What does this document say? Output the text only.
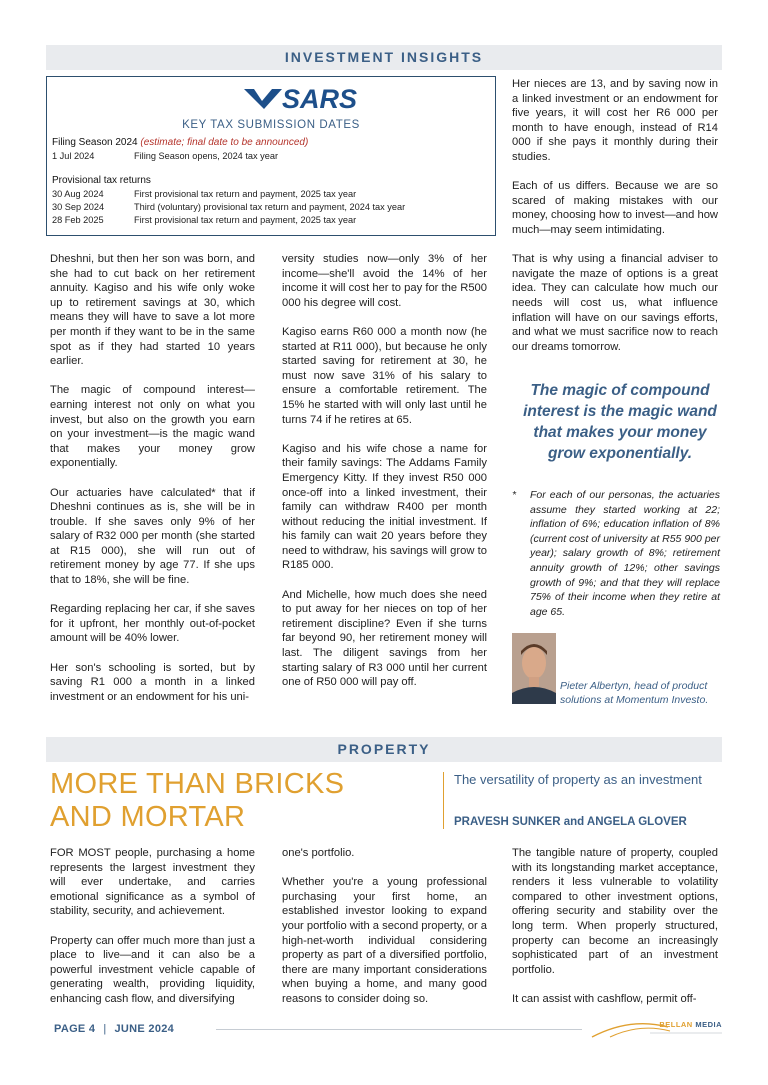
INVESTMENT INSIGHTS
SARS
KEY TAX SUBMISSION DATES
Filing Season 2024 (estimate; final date to be announced)
1 Jul 2024	Filing Season opens, 2024 tax year
Provisional tax returns
30 Aug 2024	First provisional tax return and payment, 2025 tax year
30 Sep 2024	Third (voluntary) provisional tax return and payment, 2024 tax year
28 Feb 2025	First provisional tax return and payment, 2025 tax year

Dheshni, but then her son was born, and she had to cut back on her retirement annuity. Kagiso and his wife only woke up to retirement savings at 30, which means they will have to save a lot more per month if they want to be in the same spot as if they had started 10 years earlier.

The magic of compound interest—earning interest not only on what you invest, but also on the growth you earn on your investment—is the magic wand that makes your money grow exponentially.

Our actuaries have calculated* that if Dheshni continues as is, she will be in trouble. If she saves only 9% of her salary of R32 000 per month (she started at R15 000), she will run out of retirement money by age 77. If she ups that to 18%, she will be fine.

Regarding replacing her car, if she saves for it upfront, her monthly out-of-pocket amount will be 40% lower.

Her son's schooling is sorted, but by saving R1 000 a month in a linked investment or an endowment for his uni-

versity studies now—only 3% of her income—she'll avoid the 14% of her income it will cost her to pay for the R500 000 his degree will cost.

Kagiso earns R60 000 a month now (he started at R11 000), but because he only started saving for retirement at 30, he must now save 31% of his salary to ensure a comfortable retirement. The 15% he started with will only last until he turns 74 if he retires at 65.

Kagiso and his wife chose a name for their family savings: The Addams Family Emergency Kitty. If they invest R50 000 once-off into a linked investment, their family can withdraw R400 per month without reducing the initial investment. If his family can wait 20 years before they need to withdraw, his savings will grow to R185 000.

And Michelle, how much does she need to put away for her nieces on top of her retirement discipline? Even if she turns far beyond 90, her retirement money will last. The diligent savings from her starting salary of R3 000 until her current one of R50 000 will pay off.

Her nieces are 13, and by saving now in a linked investment or an endowment for five years, it will cost her R6 000 per month to have enough, instead of R14 000 if she pays it monthly during their studies.

Each of us differs. Because we are so scared of making mistakes with our money, choosing how to invest—and how much—may seem intimidating.

That is why using a financial adviser to navigate the maze of options is a great idea. They can calculate how much our needs will cost us, what influence inflation will have on our savings efforts, and what we must sacrifice now to reach our dreams tomorrow.

The magic of compound interest is the magic wand that makes your money grow exponentially.
* For each of our personas, the actuaries assume they started working at 22; inflation of 6%; education inflation of 8% (current cost of university at R55 900 per year); salary growth of 8%; retirement annuity growth of 12%; other savings growth of 9%; and that they will replace 75% of their income when they retire at age 65.
Pieter Albertyn, head of product solutions at Momentum Investo.
PROPERTY
MORE THAN BRICKS
AND MORTAR
The versatility of property as an investment
PRAVESH SUNKER and ANGELA GLOVER

FOR MOST people, purchasing a home represents the largest investment they will ever undertake, and carries emotional significance as a symbol of stability, security, and achievement.

Property can offer much more than just a place to live—and it can also be a powerful investment vehicle capable of generating wealth, providing liquidity, enhancing cash flow, and diversifying

one's portfolio.

Whether you're a young professional purchasing your first home, an established investor looking to expand your portfolio with a second property, or a high-net-worth individual considering property as part of a diversified portfolio, there are many important considerations when buying a home, and many good reasons to consider doing so.

The tangible nature of property, coupled with its longstanding market acceptance, renders it less vulnerable to volatility compared to other investment options, offering security and stability over the long term. When properly structured, property can become an increasingly sophisticated part of an investment portfolio.

It can assist with cashflow, permit off-

PAGE 4 | JUNE 2024	BELLAN MEDIA
